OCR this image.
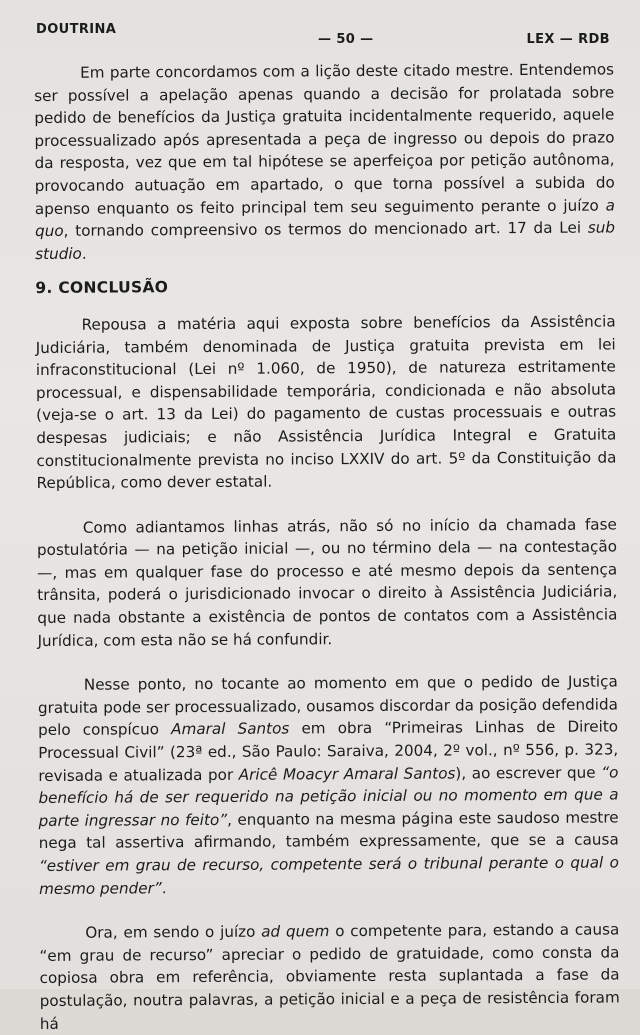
DOUTRINA
— 50 —	LEX — RDB

Em parte concordamos com a lição deste citado mestre. Entendemos ser possível a apelação apenas quando a decisão for prolatada sobre pedido de benefícios da Justiça gratuita incidentalmente requerido, aquele processualizado após apresentada a peça de ingresso ou depois do prazo da resposta, vez que em tal hipótese se aperfeiçoa por petição autônoma, provocando autuação em apartado, o que torna possível a subida do apenso enquanto os feito principal tem seu seguimento perante o juízo a quo, tornando compreensivo os termos do mencionado art. 17 da Lei sub studio.

9. CONCLUSÃO

Repousa a matéria aqui exposta sobre benefícios da Assistência Judiciária, também denominada de Justiça gratuita prevista em lei infraconstitucional (Lei nº 1.060, de 1950), de natureza estritamente processual, e dispensabilidade temporária, condicionada e não absoluta (veja-se o art. 13 da Lei) do pagamento de custas processuais e outras despesas judiciais; e não Assistência Jurídica Integral e Gratuita constitucionalmente prevista no inciso LXXIV do art. 5º da Constituição da República, como dever estatal.

Como adiantamos linhas atrás, não só no início da chamada fase postulatória — na petição inicial —, ou no término dela — na contestação —, mas em qualquer fase do processo e até mesmo depois da sentença trânsita, poderá o jurisdicionado invocar o direito à Assistência Judiciária, que nada obstante a existência de pontos de contatos com a Assistência Jurídica, com esta não se há confundir.

Nesse ponto, no tocante ao momento em que o pedido de Justiça gratuita pode ser processualizado, ousamos discordar da posição defendida pelo conspícuo Amaral Santos em obra “Primeiras Linhas de Direito Processual Civil” (23ª ed., São Paulo: Saraiva, 2004, 2º vol., nº 556, p. 323, revisada e atualizada por Aricê Moacyr Amaral Santos), ao escrever que “o benefício há de ser requerido na petição inicial ou no momento em que a parte ingressar no feito”, enquanto na mesma página este saudoso mestre nega tal assertiva afirmando, também expressamente, que se a causa “estiver em grau de recurso, competente será o tribunal perante o qual o mesmo pender”.

Ora, em sendo o juízo ad quem o competente para, estando a causa “em grau de recurso” apreciar o pedido de gratuidade, como consta da copiosa obra em referência, obviamente resta suplantada a fase da postulação, noutra palavras, a petição inicial e a peça de resistência foram há
